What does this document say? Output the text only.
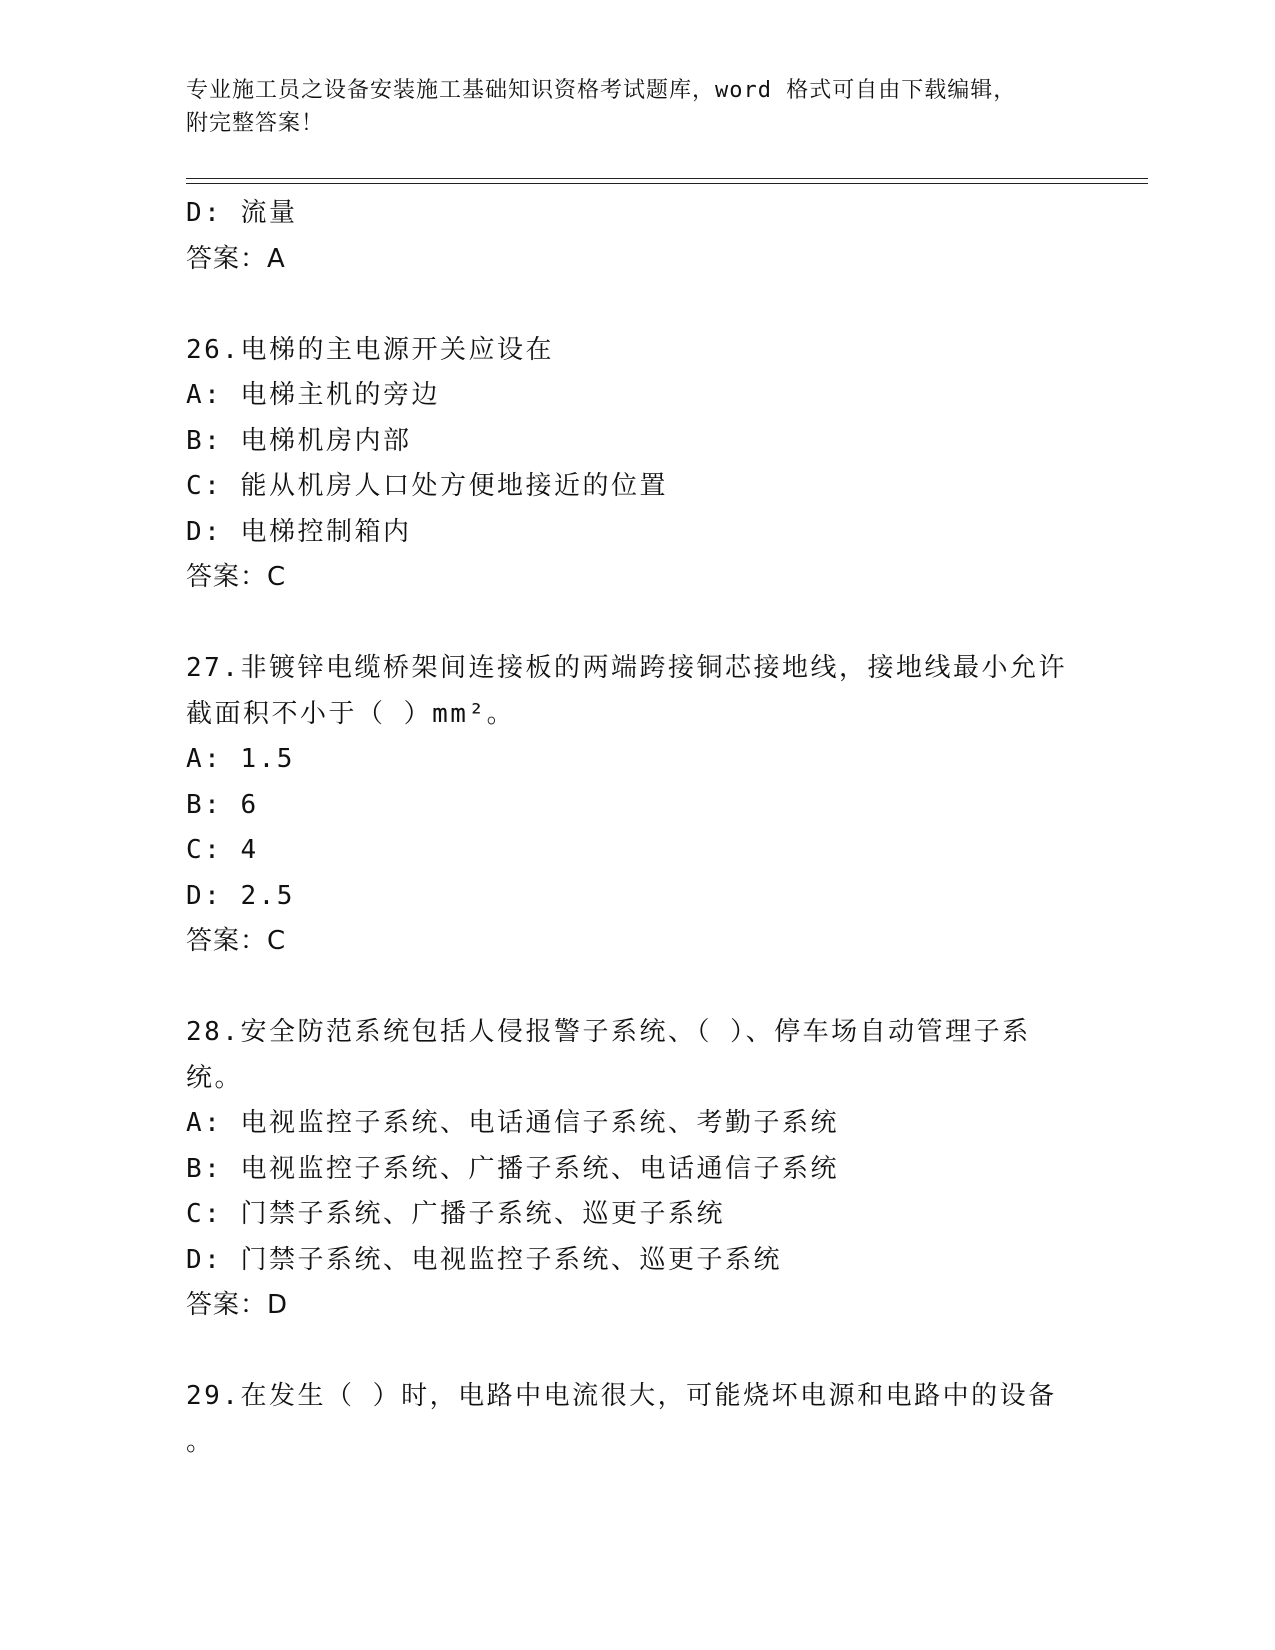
专业施工员之设备安装施工基础知识资格考试题库，word 格式可自由下载编辑，
附完整答案！
D: 流量
答案：A
26.电梯的主电源开关应设在
A: 电梯主机的旁边
B: 电梯机房内部
C: 能从机房人口处方便地接近的位置
D: 电梯控制箱内
答案：C
27.非镀锌电缆桥架间连接板的两端跨接铜芯接地线，接地线最小允许
截面积不小于（ ）mm²。
A: 1.5
B: 6
C: 4
D: 2.5
答案：C
28.安全防范系统包括人侵报警子系统、（ ）、停车场自动管理子系
统。
A: 电视监控子系统、电话通信子系统、考勤子系统
B: 电视监控子系统、广播子系统、电话通信子系统
C: 门禁子系统、广播子系统、巡更子系统
D: 门禁子系统、电视监控子系统、巡更子系统
答案：D
29.在发生（ ）时，电路中电流很大，可能烧坏电源和电路中的设备
。
